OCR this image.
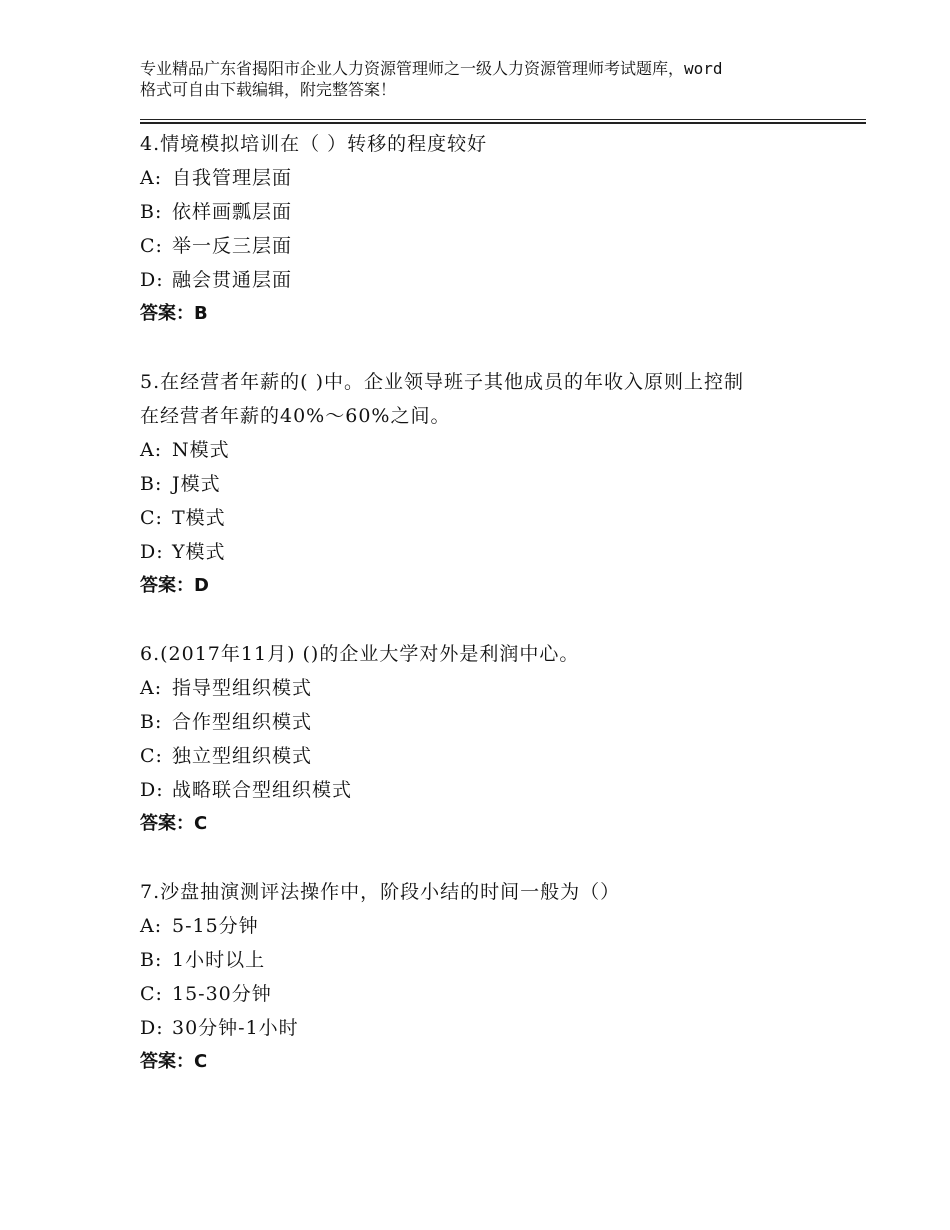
专业精品广东省揭阳市企业人力资源管理师之一级人力资源管理师考试题库，word
格式可自由下载编辑，附完整答案！

4.情境模拟培训在（ ）转移的程度较好

A: 自我管理层面

B: 依样画瓢层面

C: 举一反三层面

D: 融会贯通层面

答案：B

5.在经营者年薪的( )中。企业领导班子其他成员的年收入原则上控制

在经营者年薪的40%～60%之间。

A: N模式

B: J模式

C: T模式

D: Y模式

答案：D

6.(2017年11月) ()的企业大学对外是利润中心。

A: 指导型组织模式

B: 合作型组织模式

C: 独立型组织模式

D: 战略联合型组织模式

答案：C

7.沙盘抽演测评法操作中，阶段小结的时间一般为（）

A: 5-15分钟

B: 1小时以上

C: 15-30分钟

D: 30分钟-1小时

答案：C
